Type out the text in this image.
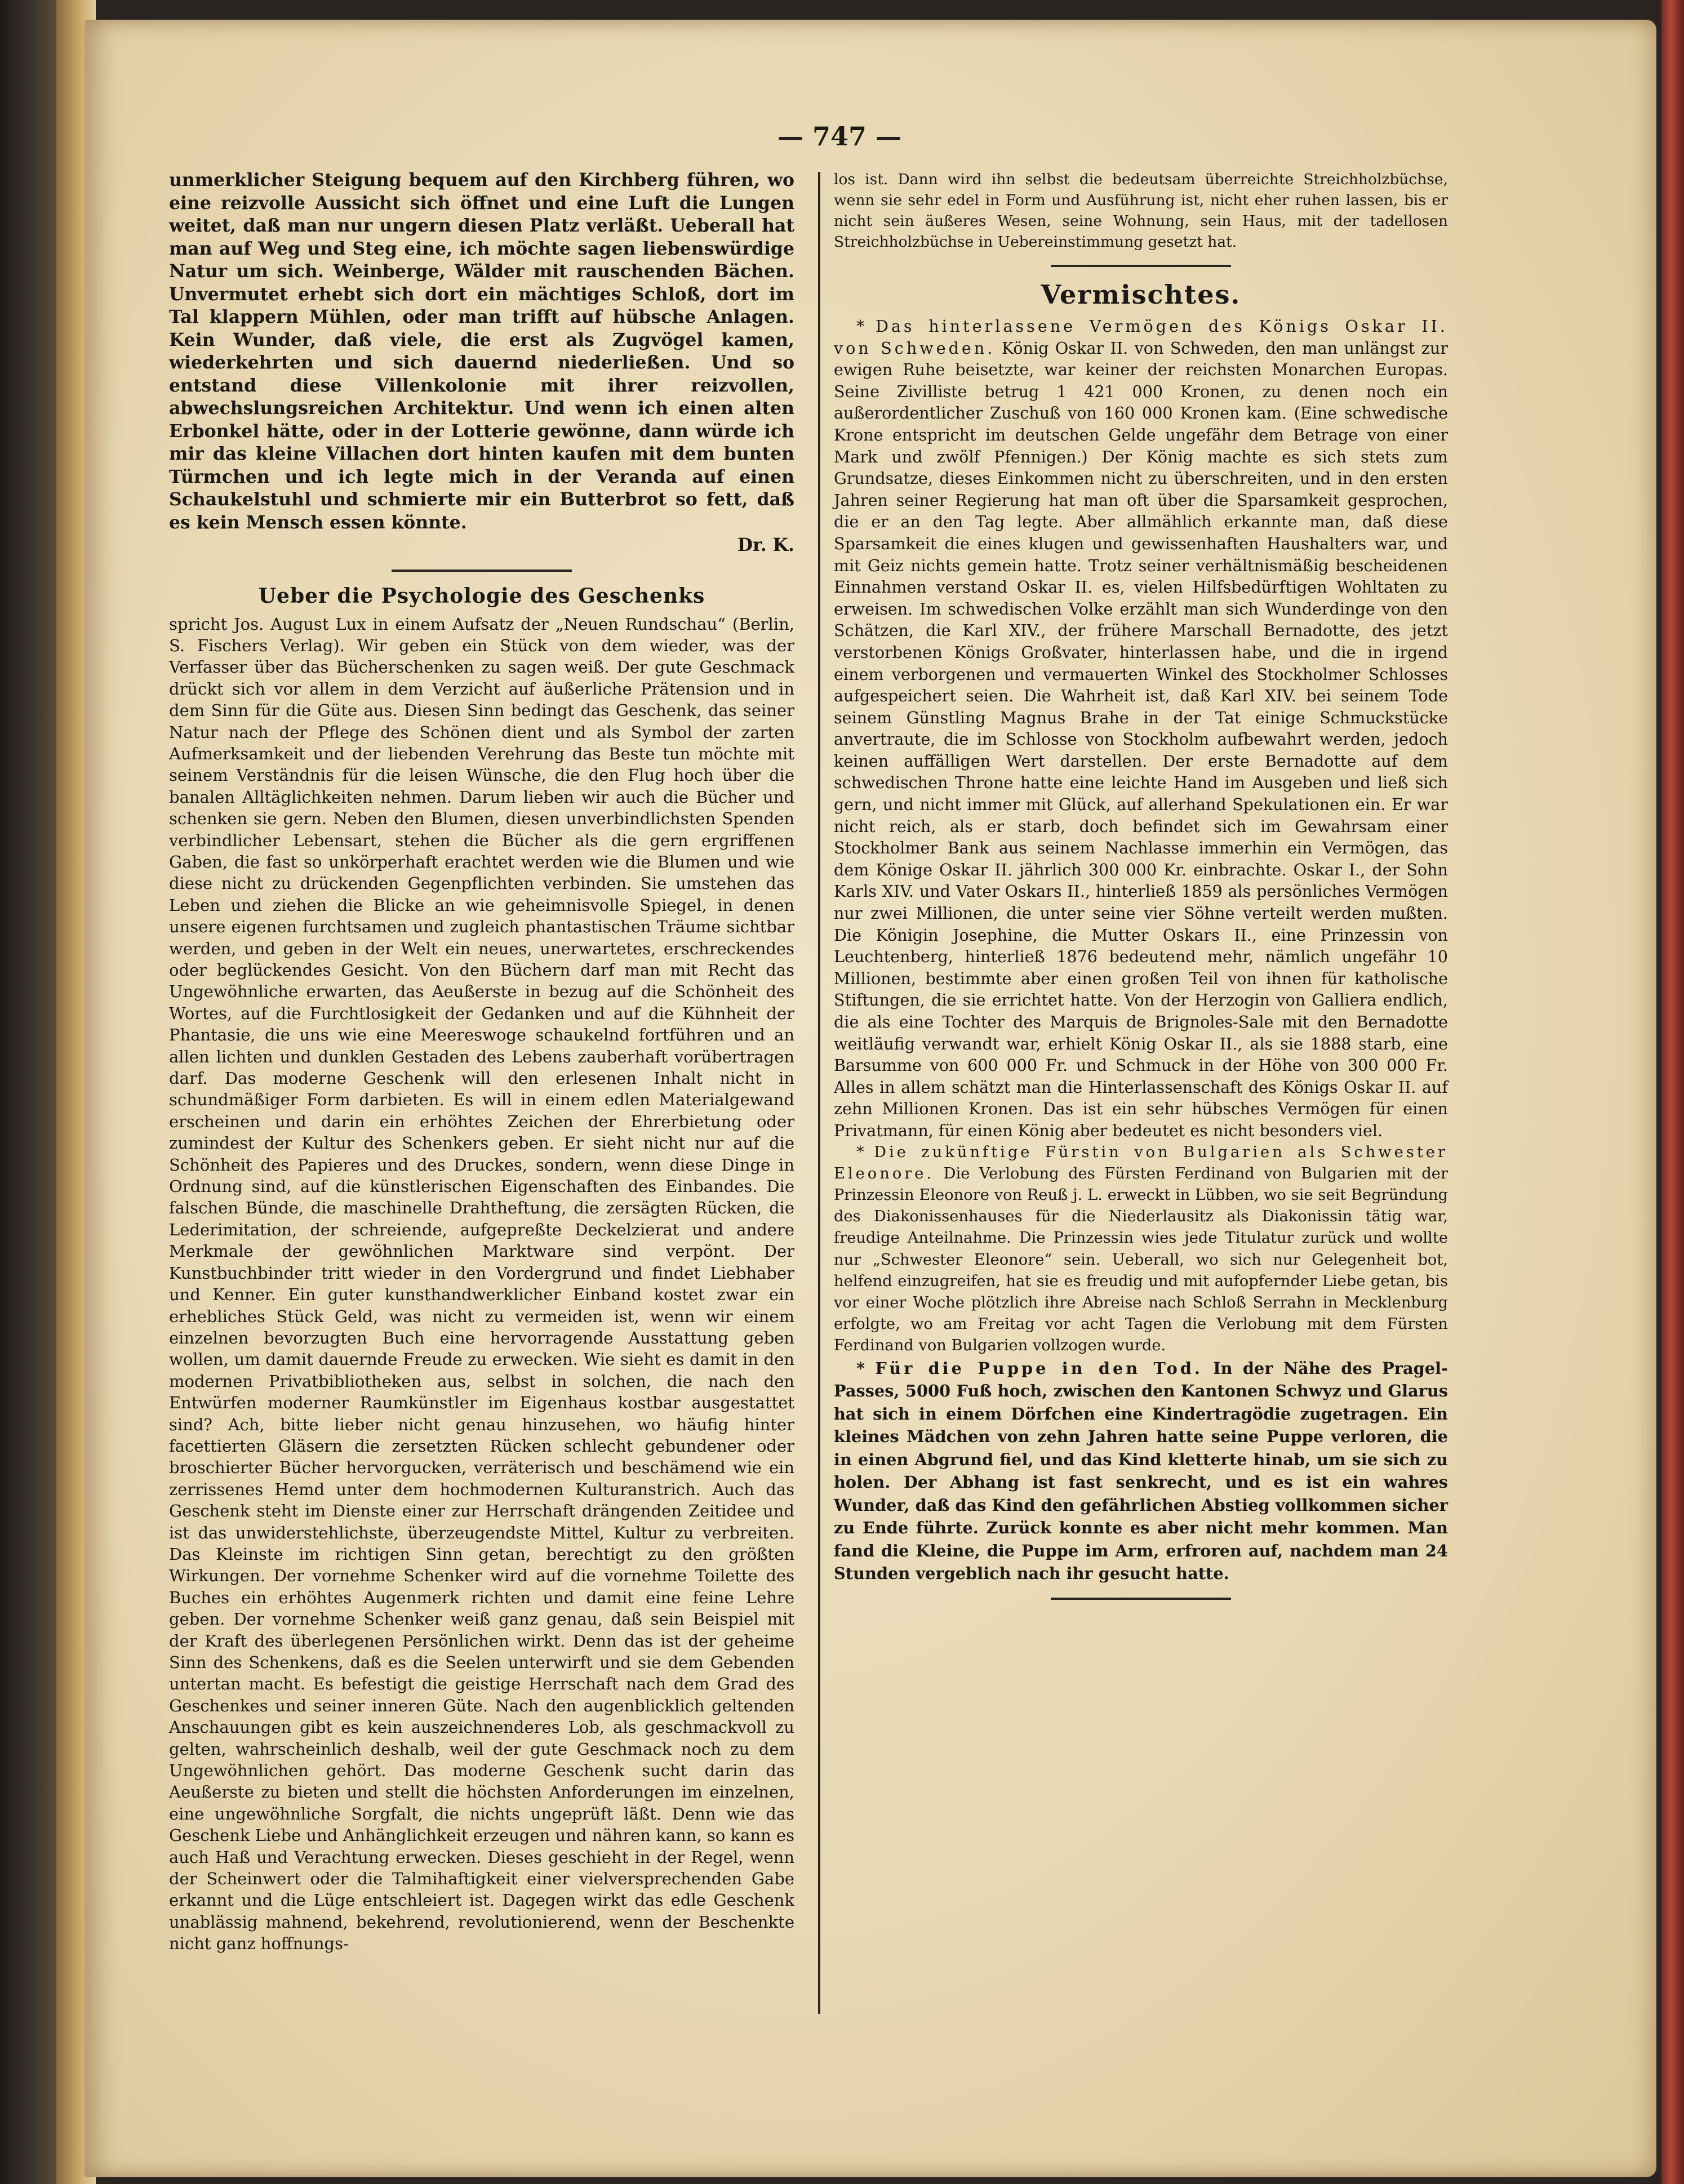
— 747 —

unmerklicher Steigung bequem auf den Kirchberg führen, wo eine reizvolle Aussicht sich öffnet und eine Luft die Lungen weitet, daß man nur ungern diesen Platz verläßt. Ueberall hat man auf Weg und Steg eine, ich möchte sagen liebenswürdige Natur um sich. Weinberge, Wälder mit rauschenden Bächen. Unvermutet erhebt sich dort ein mächtiges Schloß, dort im Tal klappern Mühlen, oder man trifft auf hübsche Anlagen. Kein Wunder, daß viele, die erst als Zugvögel kamen, wiederkehrten und sich dauernd niederließen. Und so entstand diese Villenkolonie mit ihrer reizvollen, abwechslungsreichen Architektur. Und wenn ich einen alten Erbonkel hätte, oder in der Lotterie gewönne, dann würde ich mir das kleine Villachen dort hinten kaufen mit dem bunten Türmchen und ich legte mich in der Veranda auf einen Schaukelstuhl und schmierte mir ein Butterbrot so fett, daß es kein Mensch essen könnte.

Dr. K.

Ueber die Psychologie des Geschenks

spricht Jos. August Lux in einem Aufsatz der „Neuen Rundschau“ (Berlin, S. Fischers Verlag). Wir geben ein Stück von dem wieder, was der Verfasser über das Bücherschenken zu sagen weiß. Der gute Geschmack drückt sich vor allem in dem Verzicht auf äußerliche Prätension und in dem Sinn für die Güte aus. Diesen Sinn bedingt das Geschenk, das seiner Natur nach der Pflege des Schönen dient und als Symbol der zarten Aufmerksamkeit und der liebenden Verehrung das Beste tun möchte mit seinem Verständnis für die leisen Wünsche, die den Flug hoch über die banalen Alltäglichkeiten nehmen. Darum lieben wir auch die Bücher und schenken sie gern. Neben den Blumen, diesen unverbindlichsten Spenden verbindlicher Lebensart, stehen die Bücher als die gern ergriffenen Gaben, die fast so unkörperhaft erachtet werden wie die Blumen und wie diese nicht zu drückenden Gegenpflichten verbinden. Sie umstehen das Leben und ziehen die Blicke an wie geheimnisvolle Spiegel, in denen unsere eigenen furchtsamen und zugleich phantastischen Träume sichtbar werden, und geben in der Welt ein neues, unerwartetes, erschreckendes oder beglückendes Gesicht. Von den Büchern darf man mit Recht das Ungewöhnliche erwarten, das Aeußerste in bezug auf die Schönheit des Wortes, auf die Furchtlosigkeit der Gedanken und auf die Kühnheit der Phantasie, die uns wie eine Meereswoge schaukelnd fortführen und an allen lichten und dunklen Gestaden des Lebens zauberhaft vorübertragen darf. Das moderne Geschenk will den erlesenen Inhalt nicht in schundmäßiger Form darbieten. Es will in einem edlen Materialgewand erscheinen und darin ein erhöhtes Zeichen der Ehrerbietung oder zumindest der Kultur des Schenkers geben. Er sieht nicht nur auf die Schönheit des Papieres und des Druckes, sondern, wenn diese Dinge in Ordnung sind, auf die künstlerischen Eigenschaften des Einbandes. Die falschen Bünde, die maschinelle Drahtheftung, die zersägten Rücken, die Lederimitation, der schreiende, aufgepreßte Deckelzierat und andere Merkmale der gewöhnlichen Marktware sind verpönt. Der Kunstbuchbinder tritt wieder in den Vordergrund und findet Liebhaber und Kenner. Ein guter kunsthandwerklicher Einband kostet zwar ein erhebliches Stück Geld, was nicht zu vermeiden ist, wenn wir einem einzelnen bevorzugten Buch eine hervorragende Ausstattung geben wollen, um damit dauernde Freude zu erwecken. Wie sieht es damit in den modernen Privatbibliotheken aus, selbst in solchen, die nach den Entwürfen moderner Raumkünstler im Eigenhaus kostbar ausgestattet sind? Ach, bitte lieber nicht genau hinzusehen, wo häufig hinter facettierten Gläsern die zersetzten Rücken schlecht gebundener oder broschierter Bücher hervorgucken, verräterisch und beschämend wie ein zerrissenes Hemd unter dem hochmodernen Kulturanstrich. Auch das Geschenk steht im Dienste einer zur Herrschaft drängenden Zeitidee und ist das unwiderstehlichste, überzeugendste Mittel, Kultur zu verbreiten. Das Kleinste im richtigen Sinn getan, berechtigt zu den größten Wirkungen. Der vornehme Schenker wird auf die vornehme Toilette des Buches ein erhöhtes Augenmerk richten und damit eine feine Lehre geben. Der vornehme Schenker weiß ganz genau, daß sein Beispiel mit der Kraft des überlegenen Persönlichen wirkt. Denn das ist der geheime Sinn des Schenkens, daß es die Seelen unterwirft und sie dem Gebenden untertan macht. Es befestigt die geistige Herrschaft nach dem Grad des Geschenkes und seiner inneren Güte. Nach den augenblicklich geltenden Anschauungen gibt es kein auszeichnenderes Lob, als geschmackvoll zu gelten, wahrscheinlich deshalb, weil der gute Geschmack noch zu dem Ungewöhnlichen gehört. Das moderne Geschenk sucht darin das Aeußerste zu bieten und stellt die höchsten Anforderungen im einzelnen, eine ungewöhnliche Sorgfalt, die nichts ungeprüft läßt. Denn wie das Geschenk Liebe und Anhänglichkeit erzeugen und nähren kann, so kann es auch Haß und Verachtung erwecken. Dieses geschieht in der Regel, wenn der Scheinwert oder die Talmihaftigkeit einer vielversprechenden Gabe erkannt und die Lüge entschleiert ist. Dagegen wirkt das edle Geschenk unablässig mahnend, bekehrend, revolutionierend, wenn der Beschenkte nicht ganz hoffnungs-

los ist. Dann wird ihn selbst die bedeutsam überreichte Streichholzbüchse, wenn sie sehr edel in Form und Ausführung ist, nicht eher ruhen lassen, bis er nicht sein äußeres Wesen, seine Wohnung, sein Haus, mit der tadellosen Streichholzbüchse in Uebereinstimmung gesetzt hat.

Vermischtes.

* Das hinterlassene Vermögen des Königs Oskar II. von Schweden. König Oskar II. von Schweden, den man unlängst zur ewigen Ruhe beisetzte, war keiner der reichsten Monarchen Europas. Seine Zivilliste betrug 1 421 000 Kronen, zu denen noch ein außerordentlicher Zuschuß von 160 000 Kronen kam. (Eine schwedische Krone entspricht im deutschen Gelde ungefähr dem Betrage von einer Mark und zwölf Pfennigen.) Der König machte es sich stets zum Grundsatze, dieses Einkommen nicht zu überschreiten, und in den ersten Jahren seiner Regierung hat man oft über die Sparsamkeit gesprochen, die er an den Tag legte. Aber allmählich erkannte man, daß diese Sparsamkeit die eines klugen und gewissenhaften Haushalters war, und mit Geiz nichts gemein hatte. Trotz seiner verhältnismäßig bescheidenen Einnahmen verstand Oskar II. es, vielen Hilfsbedürftigen Wohltaten zu erweisen. Im schwedischen Volke erzählt man sich Wunderdinge von den Schätzen, die Karl XIV., der frühere Marschall Bernadotte, des jetzt verstorbenen Königs Großvater, hinterlassen habe, und die in irgend einem verborgenen und vermauerten Winkel des Stockholmer Schlosses aufgespeichert seien. Die Wahrheit ist, daß Karl XIV. bei seinem Tode seinem Günstling Magnus Brahe in der Tat einige Schmuckstücke anvertraute, die im Schlosse von Stockholm aufbewahrt werden, jedoch keinen auffälligen Wert darstellen. Der erste Bernadotte auf dem schwedischen Throne hatte eine leichte Hand im Ausgeben und ließ sich gern, und nicht immer mit Glück, auf allerhand Spekulationen ein. Er war nicht reich, als er starb, doch befindet sich im Gewahrsam einer Stockholmer Bank aus seinem Nachlasse immerhin ein Vermögen, das dem Könige Oskar II. jährlich 300 000 Kr. einbrachte. Oskar I., der Sohn Karls XIV. und Vater Oskars II., hinterließ 1859 als persönliches Vermögen nur zwei Millionen, die unter seine vier Söhne verteilt werden mußten. Die Königin Josephine, die Mutter Oskars II., eine Prinzessin von Leuchtenberg, hinterließ 1876 bedeutend mehr, nämlich ungefähr 10 Millionen, bestimmte aber einen großen Teil von ihnen für katholische Stiftungen, die sie errichtet hatte. Von der Herzogin von Galliera endlich, die als eine Tochter des Marquis de Brignoles-Sale mit den Bernadotte weitläufig verwandt war, erhielt König Oskar II., als sie 1888 starb, eine Barsumme von 600 000 Fr. und Schmuck in der Höhe von 300 000 Fr. Alles in allem schätzt man die Hinterlassenschaft des Königs Oskar II. auf zehn Millionen Kronen. Das ist ein sehr hübsches Vermögen für einen Privatmann, für einen König aber bedeutet es nicht besonders viel.

* Die zukünftige Fürstin von Bulgarien als Schwester Eleonore. Die Verlobung des Fürsten Ferdinand von Bulgarien mit der Prinzessin Eleonore von Reuß j. L. erweckt in Lübben, wo sie seit Begründung des Diakonissenhauses für die Niederlausitz als Diakonissin tätig war, freudige Anteilnahme. Die Prinzessin wies jede Titulatur zurück und wollte nur „Schwester Eleonore“ sein. Ueberall, wo sich nur Gelegenheit bot, helfend einzugreifen, hat sie es freudig und mit aufopfernder Liebe getan, bis vor einer Woche plötzlich ihre Abreise nach Schloß Serrahn in Mecklenburg erfolgte, wo am Freitag vor acht Tagen die Verlobung mit dem Fürsten Ferdinand von Bulgarien vollzogen wurde.

* Für die Puppe in den Tod. In der Nähe des Pragel-Passes, 5000 Fuß hoch, zwischen den Kantonen Schwyz und Glarus hat sich in einem Dörfchen eine Kindertragödie zugetragen. Ein kleines Mädchen von zehn Jahren hatte seine Puppe verloren, die in einen Abgrund fiel, und das Kind kletterte hinab, um sie sich zu holen. Der Abhang ist fast senkrecht, und es ist ein wahres Wunder, daß das Kind den gefährlichen Abstieg vollkommen sicher zu Ende führte. Zurück konnte es aber nicht mehr kommen. Man fand die Kleine, die Puppe im Arm, erfroren auf, nachdem man 24 Stunden vergeblich nach ihr gesucht hatte.
